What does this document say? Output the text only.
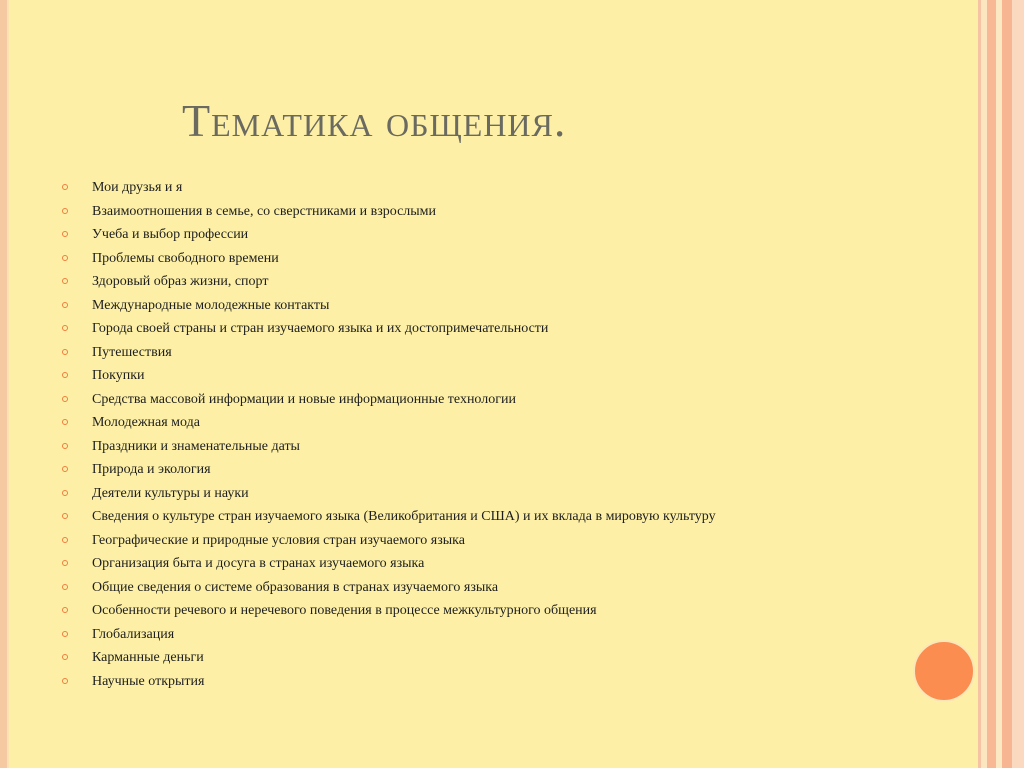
Тематика общения.
Мои друзья и я
Взаимоотношения в семье, со сверстниками и взрослыми
Учеба и выбор профессии
Проблемы свободного времени
Здоровый образ жизни, спорт
Международные молодежные контакты
Города своей страны и стран изучаемого языка и их достопримечательности
Путешествия
Покупки
Средства массовой информации и новые информационные технологии
Молодежная мода
Праздники и знаменательные даты
Природа и экология
Деятели культуры и науки
Сведения о культуре стран изучаемого языка (Великобритания и США) и их вклада в мировую культуру
Географические и природные условия стран изучаемого языка
Организация быта и досуга в странах изучаемого языка
Общие сведения о системе образования в странах изучаемого языка
Особенности речевого и неречевого поведения в процессе межкультурного общения
Глобализация
Карманные деньги
Научные открытия
